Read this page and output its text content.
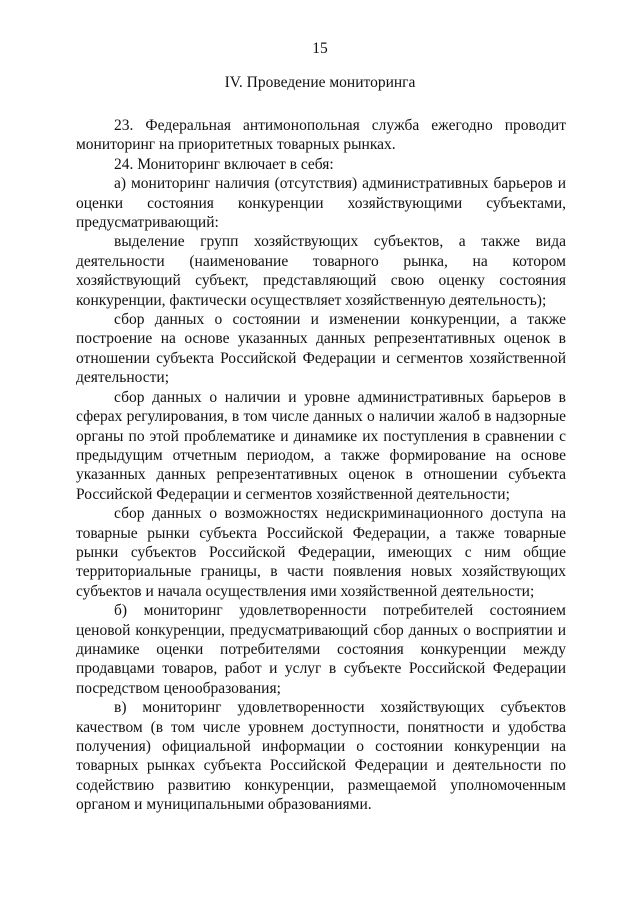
15
IV. Проведение мониторинга

23. Федеральная антимонопольная служба ежегодно проводит мониторинг на приоритетных товарных рынках.

24. Мониторинг включает в себя:

а) мониторинг наличия (отсутствия) административных барьеров и оценки состояния конкуренции хозяйствующими субъектами, предусматривающий:

выделение групп хозяйствующих субъектов, а также вида деятельности (наименование товарного рынка, на котором хозяйствующий субъект, представляющий свою оценку состояния конкуренции, фактически осуществляет хозяйственную деятельность);

сбор данных о состоянии и изменении конкуренции, а также построение на основе указанных данных репрезентативных оценок в отношении субъекта Российской Федерации и сегментов хозяйственной деятельности;

сбор данных о наличии и уровне административных барьеров в сферах регулирования, в том числе данных о наличии жалоб в надзорные органы по этой проблематике и динамике их поступления в сравнении с предыдущим отчетным периодом, а также формирование на основе указанных данных репрезентативных оценок в отношении субъекта Российской Федерации и сегментов хозяйственной деятельности;

сбор данных о возможностях недискриминационного доступа на товарные рынки субъекта Российской Федерации, а также товарные рынки субъектов Российской Федерации, имеющих с ним общие территориальные границы, в части появления новых хозяйствующих субъектов и начала осуществления ими хозяйственной деятельности;

б) мониторинг удовлетворенности потребителей состоянием ценовой конкуренции, предусматривающий сбор данных о восприятии и динамике оценки потребителями состояния конкуренции между продавцами товаров, работ и услуг в субъекте Российской Федерации посредством ценообразования;

в) мониторинг удовлетворенности хозяйствующих субъектов качеством (в том числе уровнем доступности, понятности и удобства получения) официальной информации о состоянии конкуренции на товарных рынках субъекта Российской Федерации и деятельности по содействию развитию конкуренции, размещаемой уполномоченным органом и муниципальными образованиями.
